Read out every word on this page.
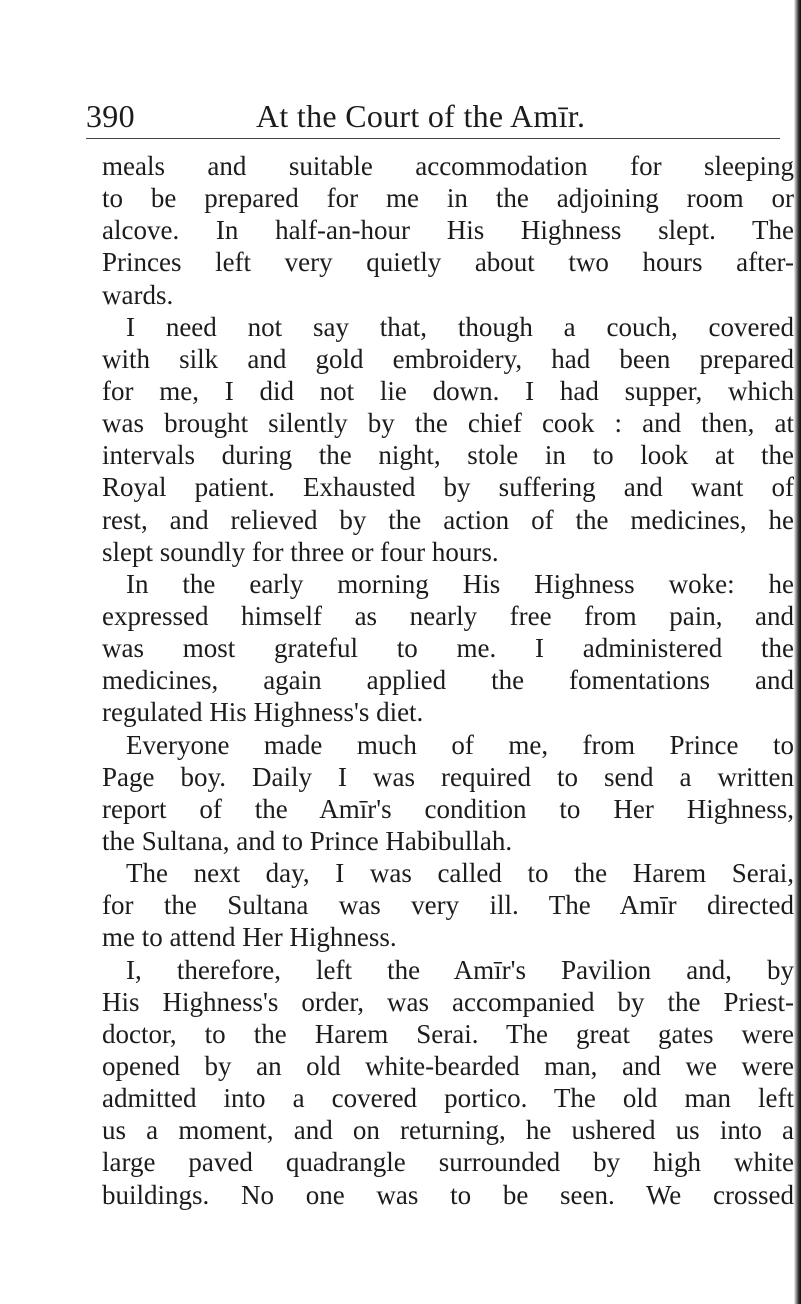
390	At the Court of the Amīr.
meals and suitable accommodation for sleeping
to be prepared for me in the adjoining room or
alcove. In half-an-hour His Highness slept. The
Princes left very quietly about two hours after-
wards.
I need not say that, though a couch, covered
with silk and gold embroidery, had been prepared
for me, I did not lie down. I had supper, which
was brought silently by the chief cook : and then, at
intervals during the night, stole in to look at the
Royal patient. Exhausted by suffering and want of
rest, and relieved by the action of the medicines, he
slept soundly for three or four hours.
In the early morning His Highness woke: he
expressed himself as nearly free from pain, and
was most grateful to me. I administered the
medicines, again applied the fomentations and
regulated His Highness's diet.
Everyone made much of me, from Prince to
Page boy. Daily I was required to send a written
report of the Amīr's condition to Her Highness,
the Sultana, and to Prince Habibullah.
The next day, I was called to the Harem Serai,
for the Sultana was very ill. The Amīr directed
me to attend Her Highness.
I, therefore, left the Amīr's Pavilion and, by
His Highness's order, was accompanied by the Priest-
doctor, to the Harem Serai. The great gates were
opened by an old white-bearded man, and we were
admitted into a covered portico. The old man left
us a moment, and on returning, he ushered us into a
large paved quadrangle surrounded by high white
buildings. No one was to be seen. We crossed
